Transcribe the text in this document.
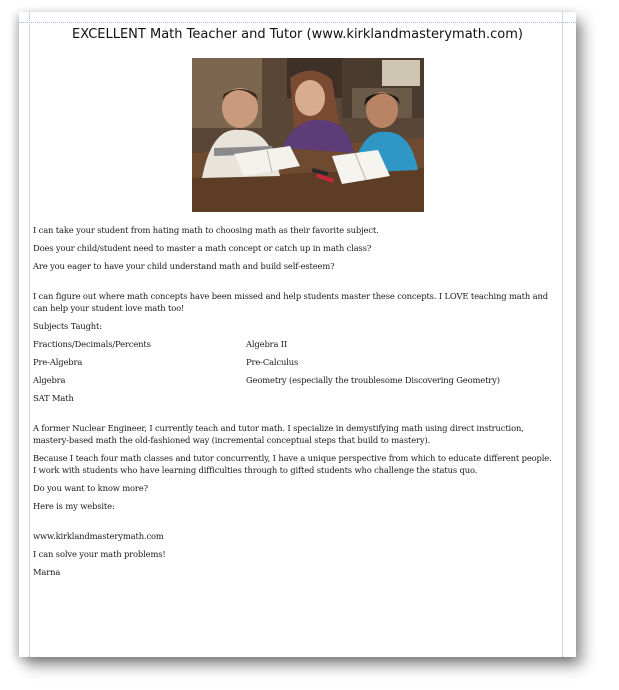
EXCELLENT Math Teacher and Tutor (www.kirklandmasterymath.com)

I can take your student from hating math to choosing math as their favorite subject.

Does your child/student need to master a math concept or catch up in math class?

Are you eager to have your child understand math and build self-esteem?

I can figure out where math concepts have been missed and help students master these concepts. I LOVE teaching math and can help your student love math too!

Subjects Taught:

Fractions/Decimals/Percents	Algebra II
Pre-Algebra	Pre-Calculus
Algebra	Geometry (especially the troublesome Discovering Geometry)
SAT Math

A former Nuclear Engineer, I currently teach and tutor math. I specialize in demystifying math using direct instruction, mastery-based math the old-fashioned way (incremental conceptual steps that build to mastery).

Because I teach four math classes and tutor concurrently, I have a unique perspective from which to educate different people. I work with students who have learning difficulties through to gifted students who challenge the status quo.

Do you want to know more?

Here is my website:

www.kirklandmasterymath.com

I can solve your math problems!

Marna
